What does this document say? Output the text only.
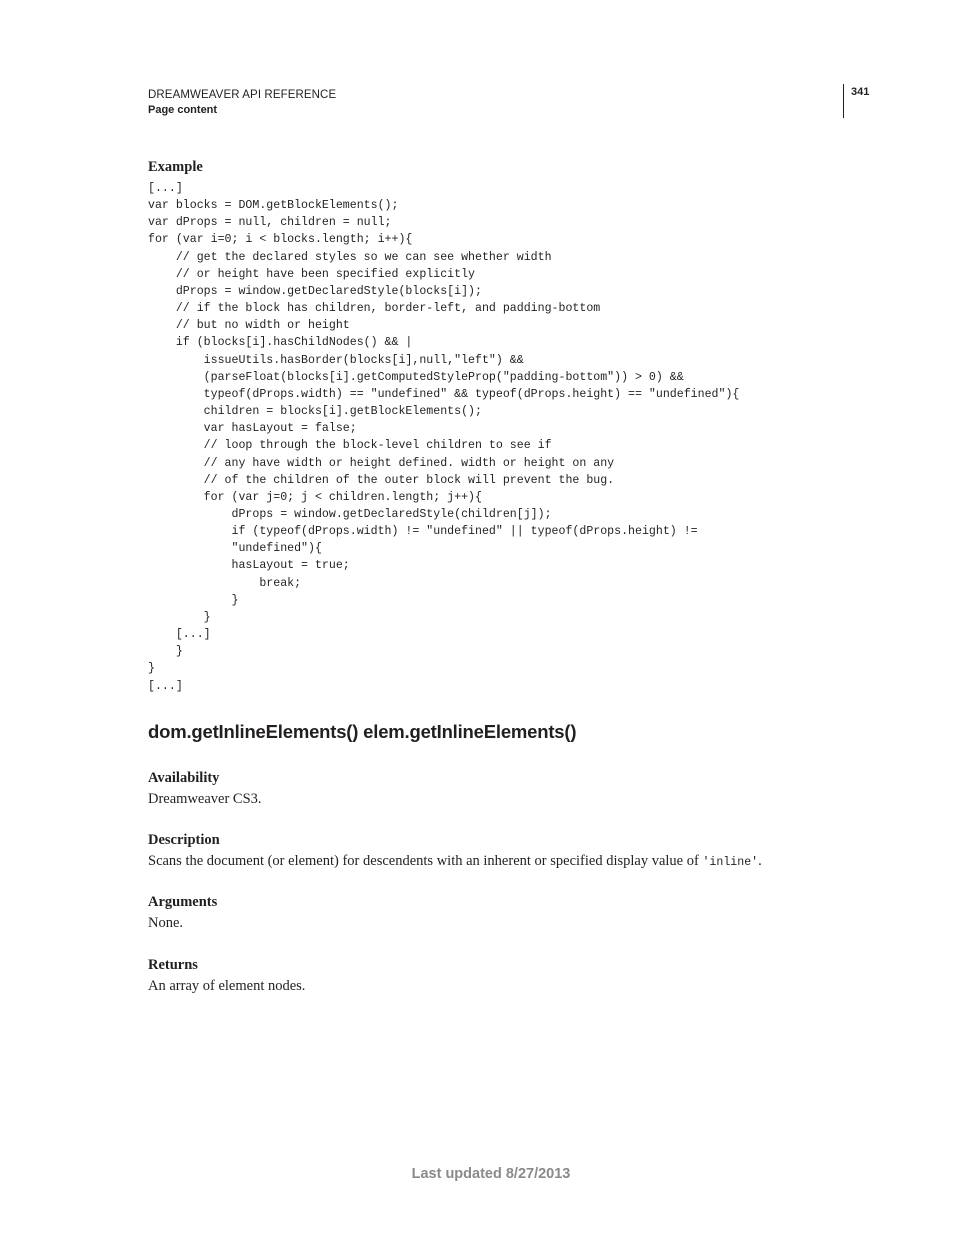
DREAMWEAVER API REFERENCE
Page content
341
Example
[...]
var blocks = DOM.getBlockElements();
var dProps = null, children = null;
for (var i=0; i < blocks.length; i++){
// get the declared styles so we can see whether width
// or height have been specified explicitly
dProps = window.getDeclaredStyle(blocks[i]);
// if the block has children, border-left, and padding-bottom
// but no width or height
if (blocks[i].hasChildNodes() && |
issueUtils.hasBorder(blocks[i],null,"left") &&
(parseFloat(blocks[i].getComputedStyleProp("padding-bottom")) > 0) &&
typeof(dProps.width) == "undefined" && typeof(dProps.height) == "undefined"){
children = blocks[i].getBlockElements();
var hasLayout = false;
// loop through the block-level children to see if
// any have width or height defined. width or height on any
// of the children of the outer block will prevent the bug.
for (var j=0; j < children.length; j++){
dProps = window.getDeclaredStyle(children[j]);
if (typeof(dProps.width) != "undefined" || typeof(dProps.height) !=
"undefined"){
hasLayout = true;
break;
}
}
[...]
}
}
[...]
dom.getInlineElements() elem.getInlineElements()
Availability
Dreamweaver CS3.
Description
Scans the document (or element) for descendents with an inherent or specified display value of 'inline'.
Arguments
None.
Returns
An array of element nodes.
Last updated 8/27/2013
